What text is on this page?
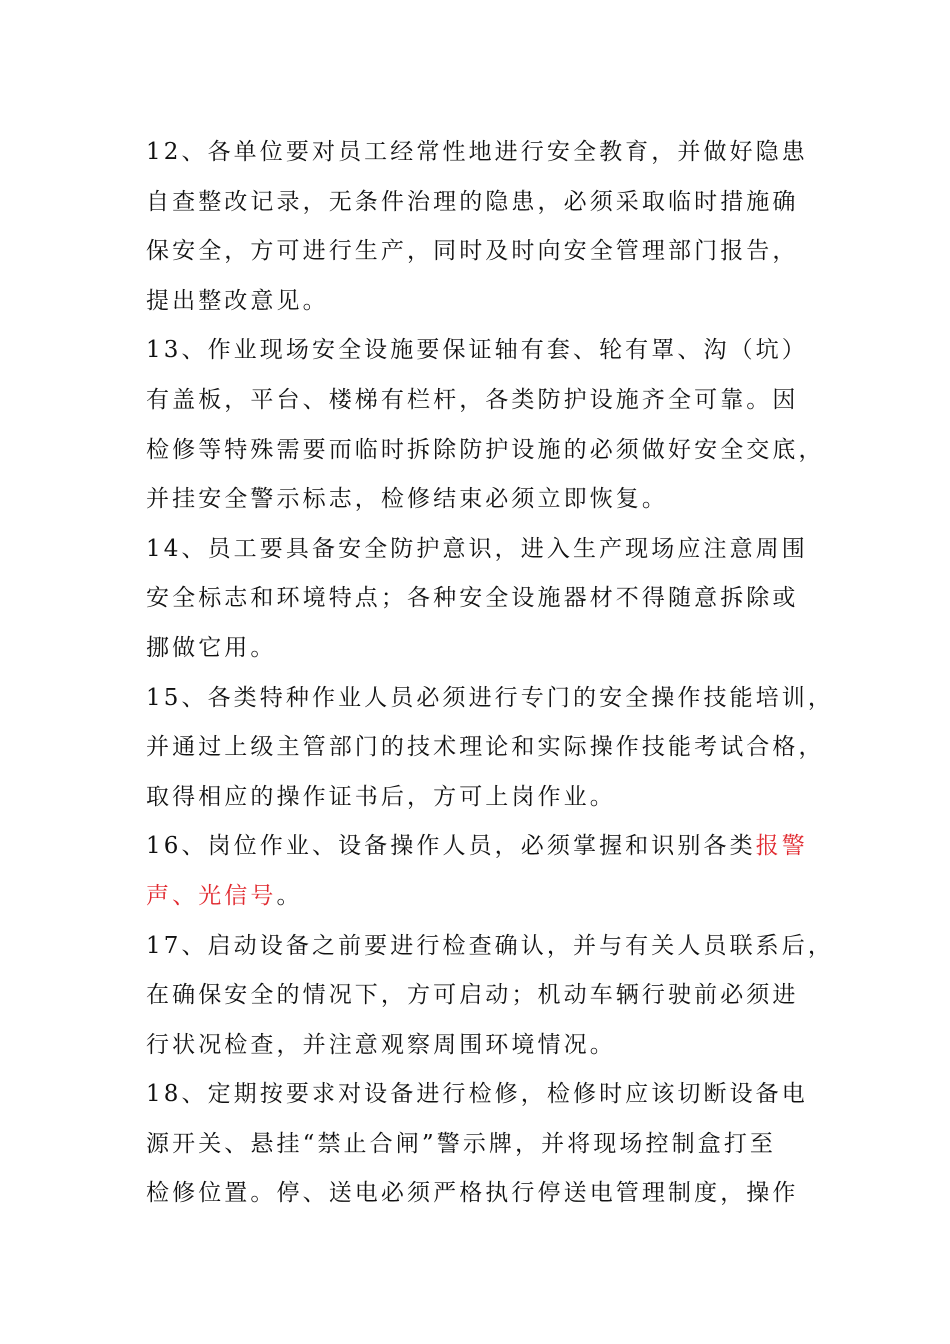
12、各单位要对员工经常性地进行安全教育，并做好隐患
自查整改记录，无条件治理的隐患，必须采取临时措施确
保安全，方可进行生产，同时及时向安全管理部门报告，
提出整改意见。
13、作业现场安全设施要保证轴有套、轮有罩、沟（坑）
有盖板，平台、楼梯有栏杆，各类防护设施齐全可靠。因
检修等特殊需要而临时拆除防护设施的必须做好安全交底，
并挂安全警示标志，检修结束必须立即恢复。
14、员工要具备安全防护意识，进入生产现场应注意周围
安全标志和环境特点；各种安全设施器材不得随意拆除或
挪做它用。
15、各类特种作业人员必须进行专门的安全操作技能培训，
并通过上级主管部门的技术理论和实际操作技能考试合格，
取得相应的操作证书后，方可上岗作业。
16、岗位作业、设备操作人员，必须掌握和识别各类报警
声、光信号。
17、启动设备之前要进行检查确认，并与有关人员联系后，
在确保安全的情况下，方可启动；机动车辆行驶前必须进
行状况检查，并注意观察周围环境情况。
18、定期按要求对设备进行检修，检修时应该切断设备电
源开关、悬挂“禁止合闸”警示牌，并将现场控制盒打至
检修位置。停、送电必须严格执行停送电管理制度，操作
